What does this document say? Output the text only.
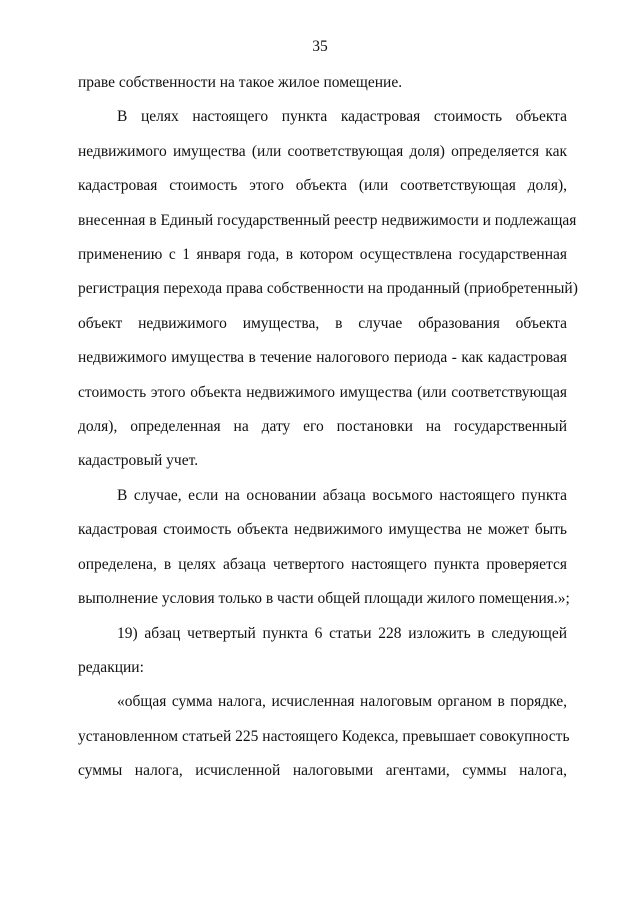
35
праве собственности на такое жилое помещение.
В целях настоящего пункта кадастровая стоимость объекта
недвижимого имущества (или соответствующая доля) определяется как
кадастровая стоимость этого объекта (или соответствующая доля),
внесенная в Единый государственный реестр недвижимости и подлежащая
применению с 1 января года, в котором осуществлена государственная
регистрация перехода права собственности на проданный (приобретенный)
объект недвижимого имущества, в случае образования объекта
недвижимого имущества в течение налогового периода - как кадастровая
стоимость этого объекта недвижимого имущества (или соответствующая
доля), определенная на дату его постановки на государственный
кадастровый учет.
В случае, если на основании абзаца восьмого настоящего пункта
кадастровая стоимость объекта недвижимого имущества не может быть
определена, в целях абзаца четвертого настоящего пункта проверяется
выполнение условия только в части общей площади жилого помещения.»;
19) абзац четвертый пункта 6 статьи 228 изложить в следующей
редакции:
«общая сумма налога, исчисленная налоговым органом в порядке,
установленном статьей 225 настоящего Кодекса, превышает совокупность
суммы налога, исчисленной налоговыми агентами, суммы налога,
